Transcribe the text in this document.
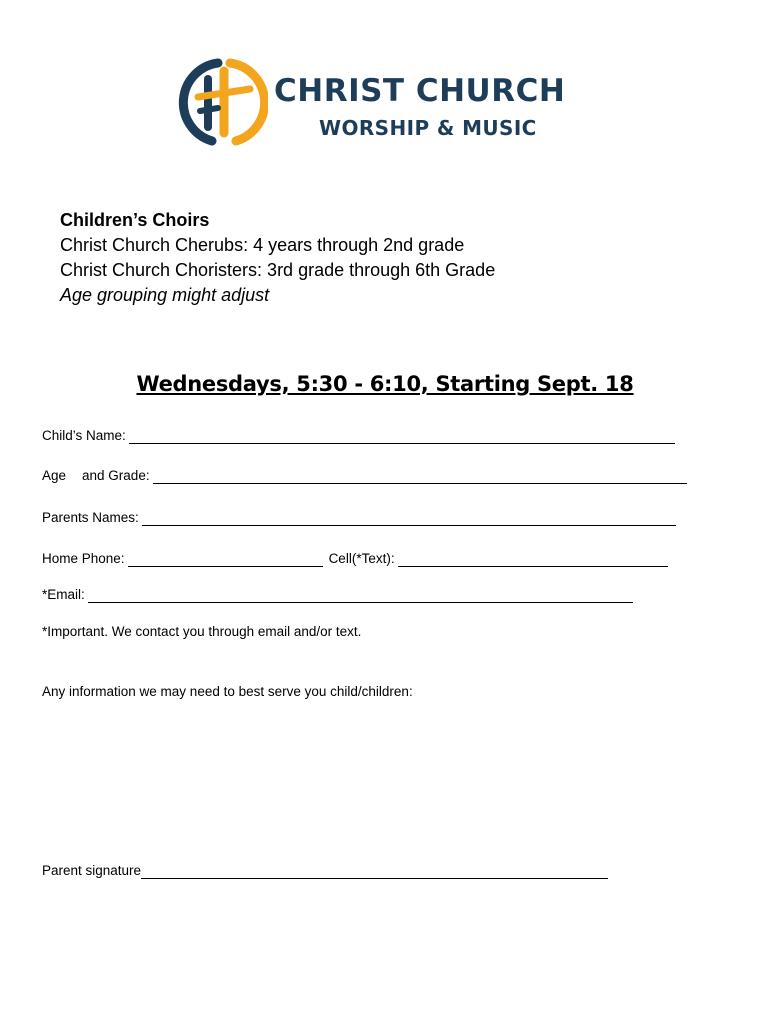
CHRIST CHURCH
WORSHIP & MUSIC
Children’s Choirs
Christ Church Cherubs: 4 years through 2nd grade
Christ Church Choristers: 3rd grade through 6th Grade
Age grouping might adjust
Wednesdays, 5:30 - 6:10, Starting Sept. 18
Child’s Name:
Age and Grade:
Parents Names:
Home Phone:	Cell(*Text):
*Email:
*Important. We contact you through email and/or text.
Any information we may need to best serve you child/children:
Parent signature
